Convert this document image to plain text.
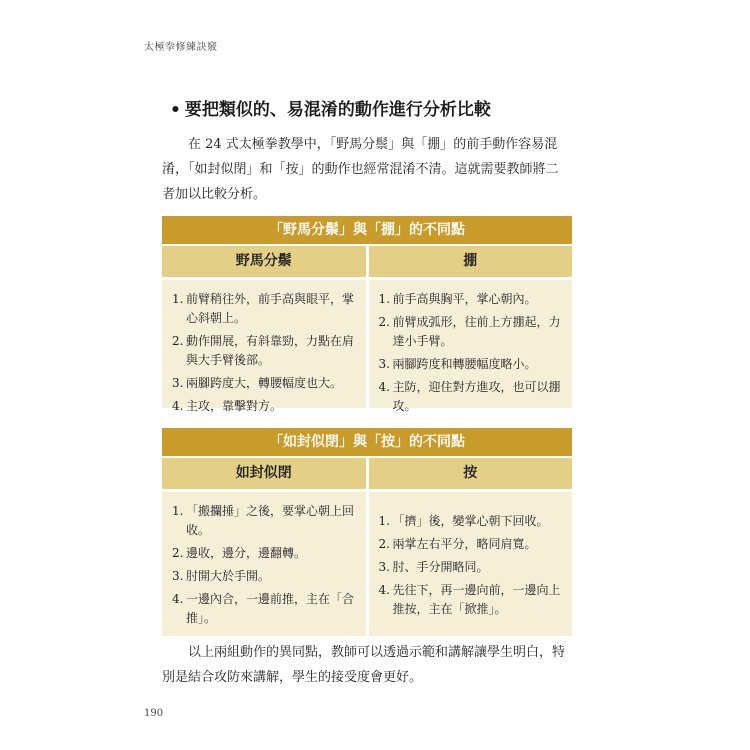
太極拳修練訣竅
• 要把類似的、易混淆的動作進行分析比較
在 24 式太極拳教學中，「野馬分鬃」與「掤」的前手動作容易混
淆，「如封似閉」和「按」的動作也經常混淆不清。這就需要教師將二
者加以比較分析。
「野馬分鬃」與「掤」的不同點
野馬分鬃	掤
1. 前臂稍往外，前手高與眼平，掌心斜朝上。
2. 動作開展，有斜靠勁，力點在肩與大手臂後部。
3. 兩腳跨度大，轉腰幅度也大。
4. 主攻，靠擊對方。
1. 前手高與胸平，掌心朝內。
2. 前臂成弧形，往前上方掤起，力達小手臂。
3. 兩腳跨度和轉腰幅度略小。
4. 主防，迎住對方進攻，也可以掤攻。
「如封似閉」與「按」的不同點
如封似閉	按
1. 「搬攔捶」之後，要掌心朝上回收。
2. 邊收，邊分，邊翻轉。
3. 肘開大於手開。
4. 一邊內合，一邊前推，主在「合推」。
1. 「擠」後，變掌心朝下回收。
2. 兩掌左右平分，略同肩寬。
3. 肘、手分開略同。
4. 先往下，再一邊向前，一邊向上推按，主在「掀推」。
以上兩組動作的異同點，教師可以透過示範和講解讓學生明白，特
別是結合攻防來講解，學生的接受度會更好。
190
